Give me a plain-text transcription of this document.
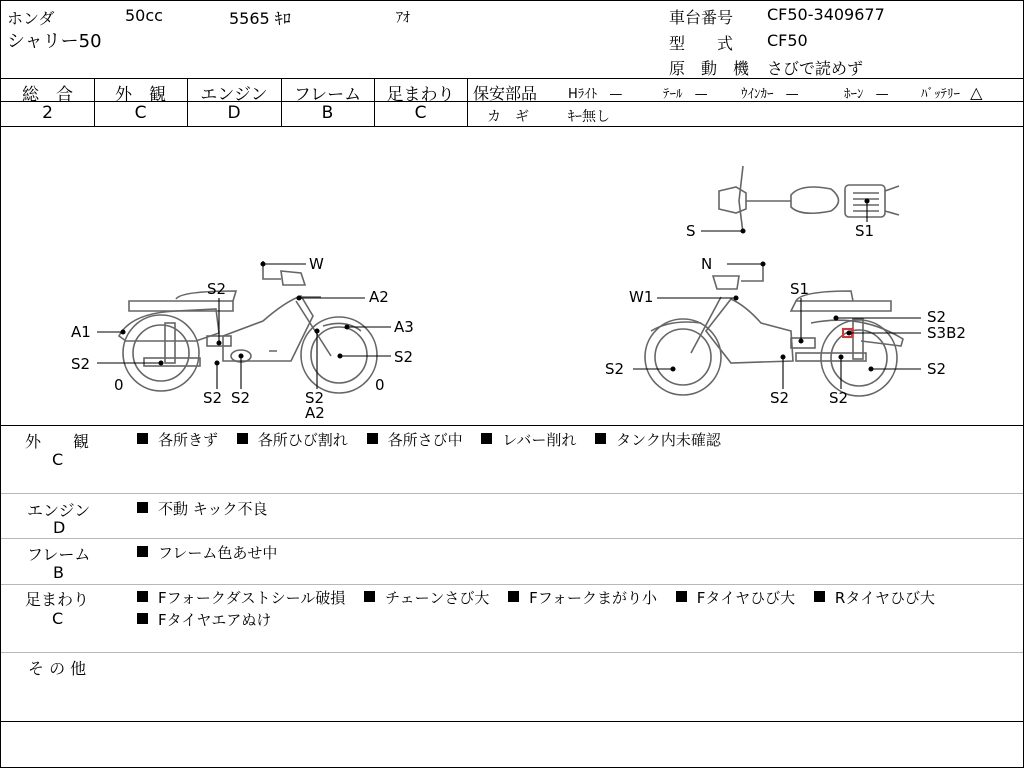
ホンダ	50cc	5565 ｷﾛ	ｱｵ
シャリー50
車台番号 CF50-3409677
型　　式 CF50
原　動　機 さびで読めず
総　合
2
外　観
C
エンジン
D
フレーム
B
足まわり
C
保安部品 Hﾗｲﾄ —	ﾃｰﾙ —	ｳｲﾝｶｰ —	ﾎｰﾝ — ﾊﾞｯﾃﾘｰ △
カ　ギ	ｷｰ無し
W
S2	A2
A1	A3
S2	S2
0
S2 S2	S2
A2
0
N
W1	S1
S2
S3B2
S2	S2
S2	S2
S	S1
外　　観
C
各所きず	各所ひび割れ	各所さび中	レバー削れ	タンク内未確認
エンジン
D
不動 キック不良
フレーム
B
フレーム色あせ中
足まわり
C
Fフォークダストシール破損	チェーンさび大	Fフォークまがり小	Fタイヤひび大	Rタイヤひび大
Fタイヤエアぬけ
そ の 他
